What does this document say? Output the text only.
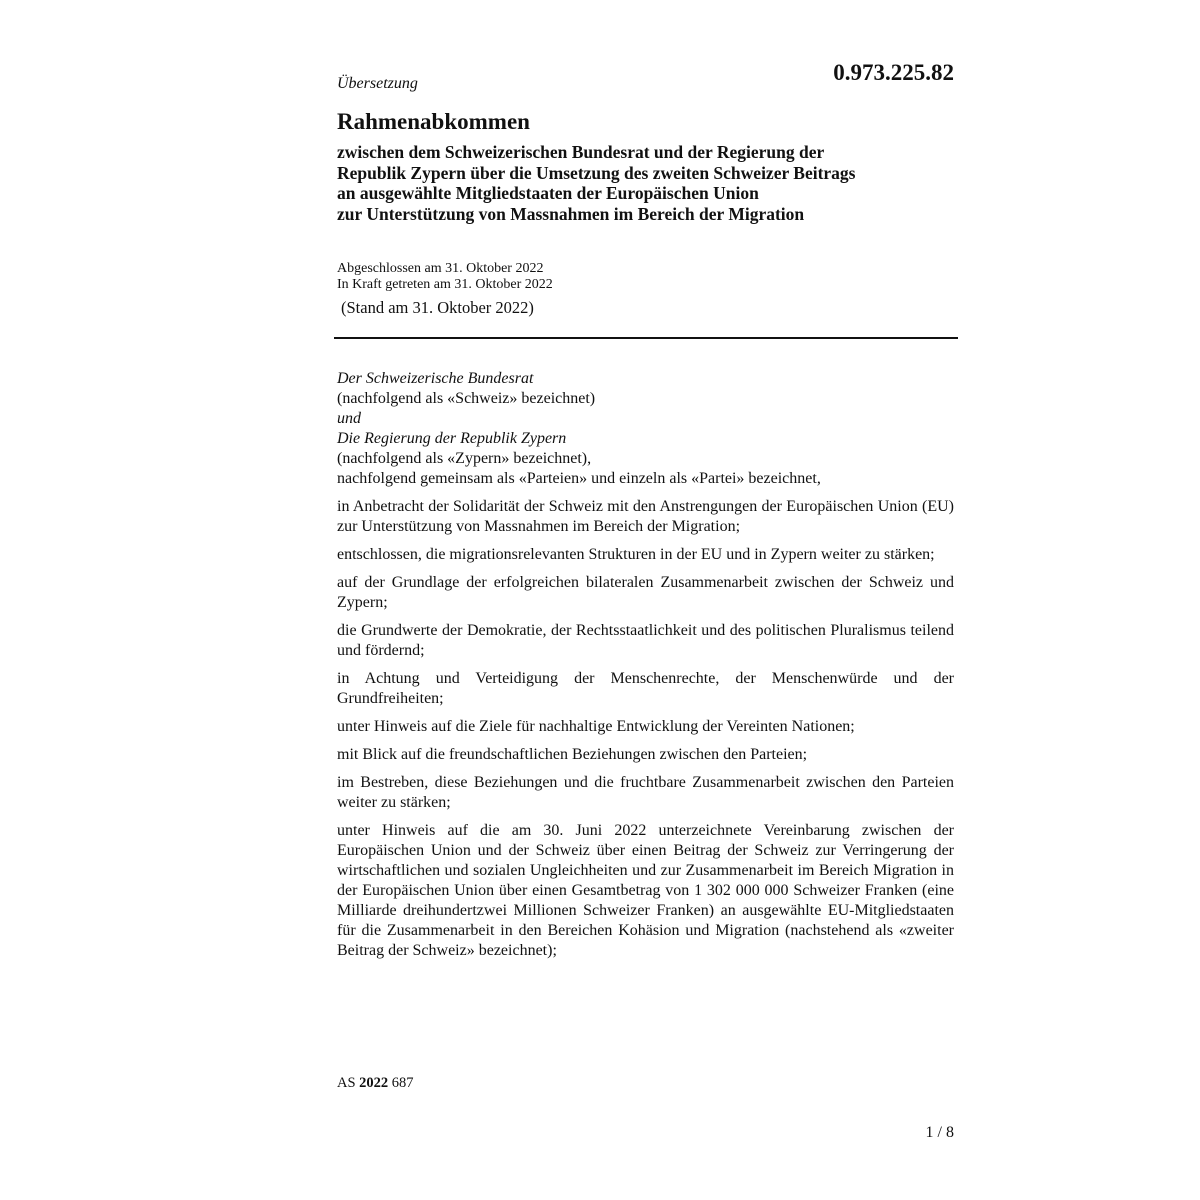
0.973.225.82
Übersetzung
Rahmenabkommen
zwischen dem Schweizerischen Bundesrat und der Regierung der
Republik Zypern über die Umsetzung des zweiten Schweizer Beitrags
an ausgewählte Mitgliedstaaten der Europäischen Union
zur Unterstützung von Massnahmen im Bereich der Migration
Abgeschlossen am 31. Oktober 2022
In Kraft getreten am 31. Oktober 2022
(Stand am 31. Oktober 2022)
Der Schweizerische Bundesrat
(nachfolgend als «Schweiz» bezeichnet)
und
Die Regierung der Republik Zypern
(nachfolgend als «Zypern» bezeichnet),
nachfolgend gemeinsam als «Parteien» und einzeln als «Partei» bezeichnet,

in Anbetracht der Solidarität der Schweiz mit den Anstrengungen der Europäischen Union (EU) zur Unterstützung von Massnahmen im Bereich der Migration;

entschlossen, die migrationsrelevanten Strukturen in der EU und in Zypern weiter zu stärken;

auf der Grundlage der erfolgreichen bilateralen Zusammenarbeit zwischen der Schweiz und Zypern;

die Grundwerte der Demokratie, der Rechtsstaatlichkeit und des politischen Pluralismus teilend und fördernd;

in Achtung und Verteidigung der Menschenrechte, der Menschenwürde und der Grundfreiheiten;

unter Hinweis auf die Ziele für nachhaltige Entwicklung der Vereinten Nationen;

mit Blick auf die freundschaftlichen Beziehungen zwischen den Parteien;

im Bestreben, diese Beziehungen und die fruchtbare Zusammenarbeit zwischen den Parteien weiter zu stärken;

unter Hinweis auf die am 30. Juni 2022 unterzeichnete Vereinbarung zwischen der Europäischen Union und der Schweiz über einen Beitrag der Schweiz zur Verringerung der wirtschaftlichen und sozialen Ungleichheiten und zur Zusammenarbeit im Bereich Migration in der Europäischen Union über einen Gesamtbetrag von 1 302 000 000 Schweizer Franken (eine Milliarde dreihundertzwei Millionen Schweizer Franken) an ausgewählte EU-Mitgliedstaaten für die Zusammenarbeit in den Bereichen Kohäsion und Migration (nachstehend als «zweiter Beitrag der Schweiz» bezeichnet);

AS 2022 687
1 / 8
